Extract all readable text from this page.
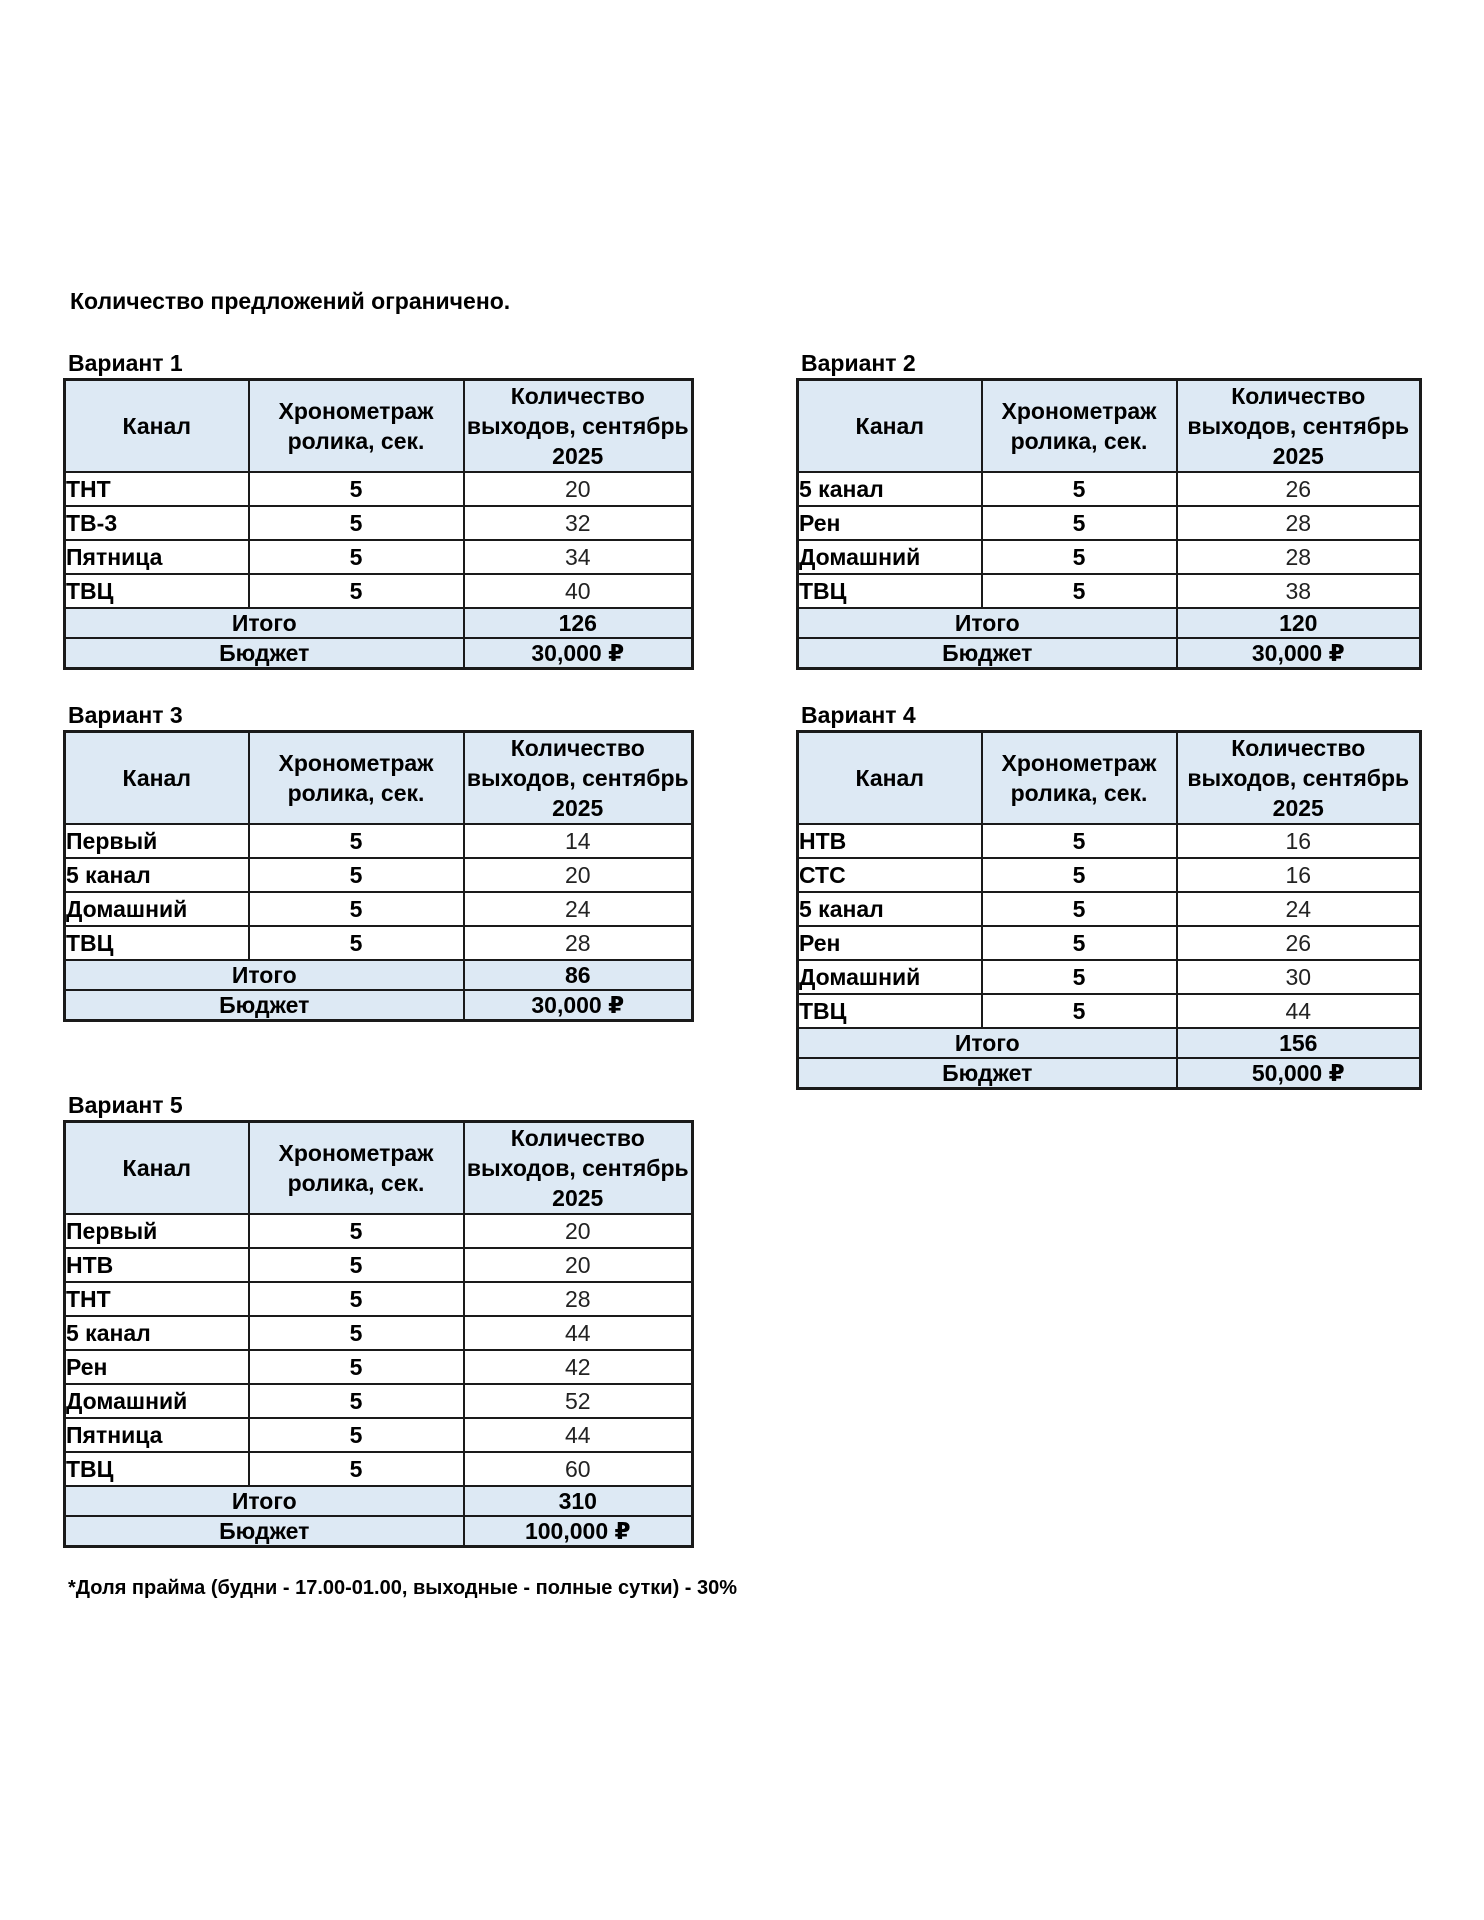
Количество предложений ограничено.
Вариант 1
Канал	Хронометраж ролика, сек.	Количество выходов, сентябрь 2025
ТНТ	5	20
ТВ-3	5	32
Пятница	5	34
ТВЦ	5	40
Итого		126
Бюджет		30,000 ₽
Вариант 2
Канал	Хронометраж ролика, сек.	Количество выходов, сентябрь 2025
5 канал	5	26
Рен	5	28
Домашний	5	28
ТВЦ	5	38
Итого		120
Бюджет		30,000 ₽
Вариант 3
Канал	Хронометраж ролика, сек.	Количество выходов, сентябрь 2025
Первый	5	14
5 канал	5	20
Домашний	5	24
ТВЦ	5	28
Итого		86
Бюджет		30,000 ₽
Вариант 4
Канал	Хронометраж ролика, сек.	Количество выходов, сентябрь 2025
НТВ	5	16
СТС	5	16
5 канал	5	24
Рен	5	26
Домашний	5	30
ТВЦ	5	44
Итого		156
Бюджет		50,000 ₽
Вариант 5
Канал	Хронометраж ролика, сек.	Количество выходов, сентябрь 2025
Первый	5	20
НТВ	5	20
ТНТ	5	28
5 канал	5	44
Рен	5	42
Домашний	5	52
Пятница	5	44
ТВЦ	5	60
Итого		310
Бюджет		100,000 ₽
*Доля прайма (будни - 17.00-01.00, выходные - полные сутки) - 30%
